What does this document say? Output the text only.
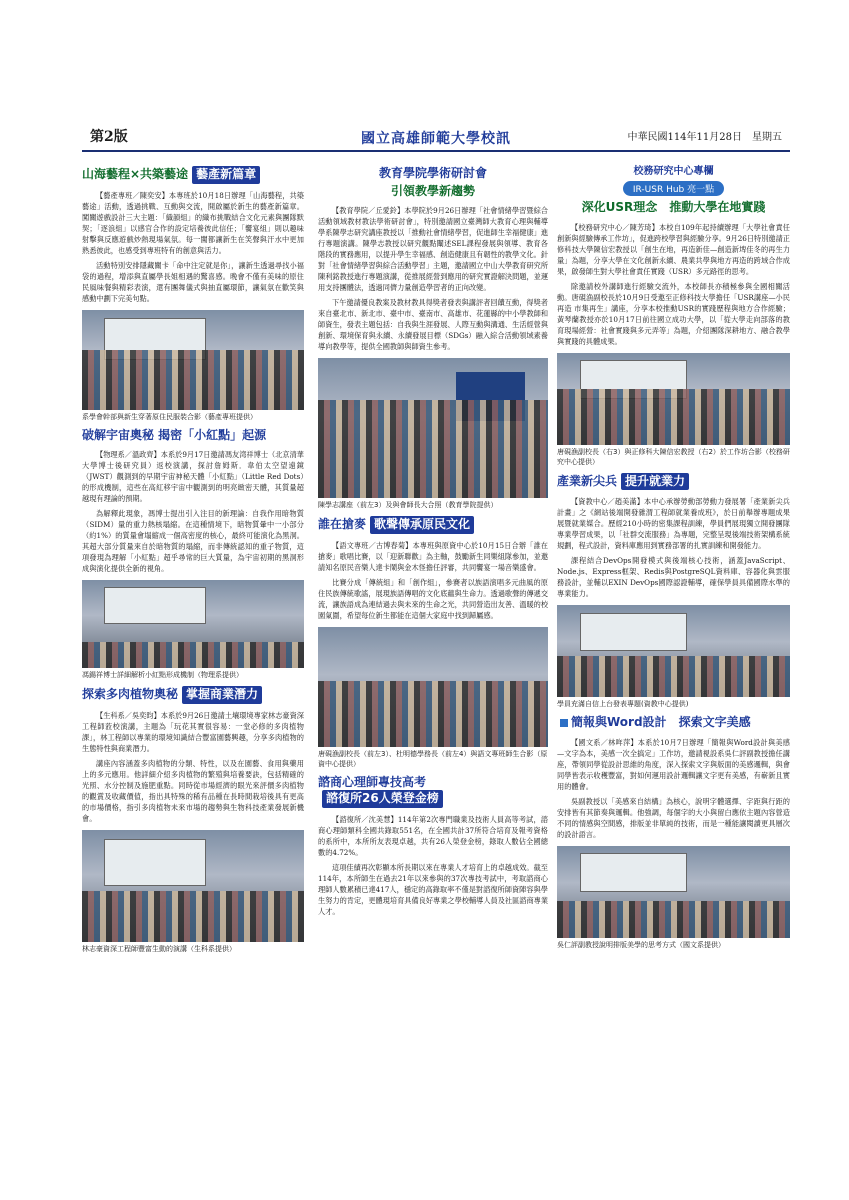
第2版	國立高雄師範大學校訊	中華民國114年11月28日　星期五
山海藝程×共築藝途 藝產新篇章

【藝產專班／陳奕安】本專班於10月18日辦理「山海藝程，共築藝途」活動，透過挑戰、互動與交流，開啟屬於新生的藝產新篇章。闖關遊戲設計三大主題：「織韻組」的織布挑戰結合文化元素與團隊默契；「逐浪組」以感官合作的設定培養彼此信任；「饗宴組」則以趣味射擊與反應遊戲炒熱現場氣氛。每一闖都讓新生在笑聲與汗水中更加熟悉彼此，也感受到專班特有的創意與活力。

活動特別安排隱藏關卡「命中注定就是你」，讓新生透過尋找小福袋的過程，增添與直屬學長姐相遇的驚喜感。晚會不僅有美味的原住民風味餐與精彩表演，還有團舞儀式與抽直屬環節，讓氣氛在歡笑與感動中劃下完美句點。

系學會幹部與新生穿著原住民服裝合影（藝產專班提供）
破解宇宙奧秘 揭密「小紅點」起源

【物理系／溫政齊】本系於9月17日邀請馮友湾祥博士（北京清華大學博士後研究員）返校演講，探討詹姆斯．韋伯太空望遠鏡（JWST）觀測到的早期宇宙神秘天體「小紅點」（Little Red Dots）的形成機制，這些在高紅移宇宙中觀測到的明亮緻密天體，其質量超越現有理論的預期。

為解釋此現象，馮博士提出引入注目的新理論：自我作用暗物質（SIDM）量的重力熱核塌縮。在這種情境下，暗物質暈中一小部分（約1%）的質量會塌縮成一個高密度的核心，最終可能演化為黑洞。其超大部分質量來自於暗物質的塌縮，而非傳統認知的重子物質，這項發現為理解「小紅點」超乎尋常的巨大質量，為宇宙初期的黑洞形成與演化提供全新的視角。

馮錫祥博士詳細解析小紅點形成機制（物理系提供）
探索多肉植物奧秘 掌握商業潛力

【生科系／吳奕昀】本系於9月26日邀請土壤環境專家林志豪資深工程師蒞校演講，主題為「玩花其實很容易：一堂必修的多肉植物課」，林工程師以專業的環境知識結合豐富園藝興趣，分享多肉植物的生態特性與商業潛力。

講座內容涵蓋多肉植物的分類、特性，以及在園藝、食用與藥用上的多元應用。他詳細介紹多肉植物的繁殖與培養要訣，包括精確的光照、水分控制及施肥重點。同時從市場經濟的眼光來評價多肉植物的觀賞及收藏價值，指出具特殊的稀有品種在長時間栽培後具有更高的市場價格，指引多肉植物未來市場的趨勢與生物科技產業發展新機會。

林志豪資深工程師豐富生動的演講（生科系提供）
教育學院學術研討會
引領教學新趨勢

【教育學院／丘愛鈴】本學院於9月26日辦理「社會情緒學習暨綜合活動領域教材教法學術研討會」，特別邀請國立臺灣師大教育心理與輔導學系陳學志研究講座教授以「推動社會情緒學習，促進師生幸福健康」進行專題演講。陳學志教授以研究觀點闡述SEL課程發展與領導、教育各階段的實務應用，以提升學生幸福感、創造健康且有韌性的教學文化。針對「社會情緒學習與綜合活動學習」主題，邀請國立中山大學教育研究所陳利銘教授進行專題演講，從推展經營到應用的研究實證解決問題，並運用支持團體法，透過同儕力量創造學習者的正向改變。

下午邀請優良教案及教材教具得獎者發表與講評者回饋互動，得獎者來自臺北市、新北市、臺中市、臺南市、高雄市、花蓮縣的中小學教師和師資生，發表主題包括：自我與生涯發展、人際互動與溝通、生活經營與創新、環境保育與永續、永續發展目標（SDGs）融入綜合活動領域素養導向教學等，提供全國教師與師資生參考。

陳學志講座（前左3）及與會師長大合照（教育學院提供）
誰在搶麥 歌聲傳承原民文化

【語文專班／古博春菊】本專班與原資中心於10月15日合辦「誰在搶麥」歌唱比賽，以「迎新聯歡」為主軸，鼓勵新生同樂組隊參加，並邀請知名原民音樂人達卡鬧與金木怪擔任評審，共同饗宴一場音樂盛會。

比賽分成「傳統組」和「創作組」，參賽者以族語演唱多元曲風的原住民族傳統歌謠，展現族語傳唱的文化底蘊與生命力。透過歌聲的傳遞交流，讓族語成為連結過去與未來的生命之光，共同營造出友善、溫暖的校園氣圍，希望每位新生都能在這個大家庭中找到歸屬感。

唐硯漁副校長（前左3）、杜明德學務長（前左4）與語文專班師生合影（原資中心提供）
諮商心理師專技高考諮復所26人榮登金榜

【諮復所／沈美慧】114年第2次專門職業及技術人員高等考試，諮商心理師類科全國共錄取551名，在全國共計37所符合培育及報考資格的系所中，本所所友表現卓越，共有26人榮登金榜，錄取人數佔全國總數的4.72%。

這項佳績再次彰顯本所長期以來在專業人才培育上的卓越成效。截至114年，本所師生在過去21年以來參與的37次專技考試中，考取諮商心理師人數累積已達417人，穩定的高錄取率不僅是對諮復所師資陣容與學生努力的肯定，更體現培育具備良好專業之學校輔導人員及社區諮商專業人才。

校務研究中心專欄
IR-USR Hub 亮一點
深化USR理念　 推動大學在地實踐

【校務研究中心／陳芳琦】本校自109年起持續辦理「大學社會責任創新與經驗傳承工作坊」，促進跨校學習與經驗分享。9月26日特別邀請正修科技大學陳信宏教授以「創生在地，再造新佳—創造新埤佳冬的再生力量」為題，分享大學在文化創新永續、農業共學與地方再造的跨域合作成果，啟發師生對大學社會責任實踐（USR）多元路徑的思考。

除邀請校外講師進行經驗交流外，本校師長亦積極參與全國相關活動。唐硯漁副校長於10月9日受邀至正修科技大學擔任「USR講座—小民再造 市集再生」講座，分享本校推動USR的實踐歷程與地方合作經驗；黃琴蘭教授亦於10月17日前往國立成功大學，以「從大學走向部落的教育現場經營：社會實踐與多元弄等」為題，介紹團隊深耕地方、融合教學與實踐的具體成果。

唐硯漁副校長（右3）與正修科大陳信宏教授（右2）於工作坊合影（校務研究中心提供）
產業新尖兵 提升就業力

【資教中心／趙美滿】本中心承辦勞動部勞動力發展署「產業新尖兵計畫」之《網站後端開發雜渭工程師就業養成班》，於日前舉辦專題成果展暨就業媒合。歷經210小時的密集課程訓練，學員們展現獨立開發團隊專業學習成果，以「社群交流服務」為專題，完整呈現後端技術架構系統規劃，程式設計，資料庫應用到實務部署的扎實訓練和開發能力。

課程結合DevOps開發模式與後端核心技術，涵蓋JavaScript、Node.js、Express框架、Redis與PostgreSQL資料庫、容器化與雲服務設計，並輔以EXIN DevOps國際認證輔導，確保學員具備國際水準的專業能力。

學員充滿自信上台發表專題(資教中心提供)
簡報與Word設計　 探索文字美感

【國文系／林哖萍】本系於10月7日辦理「簡報與Word設計與美感—文字為本，美感一次全搞定」工作坊，邀請視設系吳仁評副教授擔任講座，帶領同學從設計思維的角度，深入探索文字與版面的美感邏輯，與會同學皆表示收穫豐富，對如何運用設計邏輯讓文字更有美感，有嶄新且實用的體會。

吳副教授以「美感來自結構」為核心，說明字體選擇、字距與行距的安排皆有其節奏與邏輯。他強調，每個字的大小與留白應依主題內容營造不同的情感與空間感，排版並非單純的技術，而是一種能讓閱讀更具層次的設計語言。

吳仁評副教授說明排版美學的思考方式（國文系提供）
